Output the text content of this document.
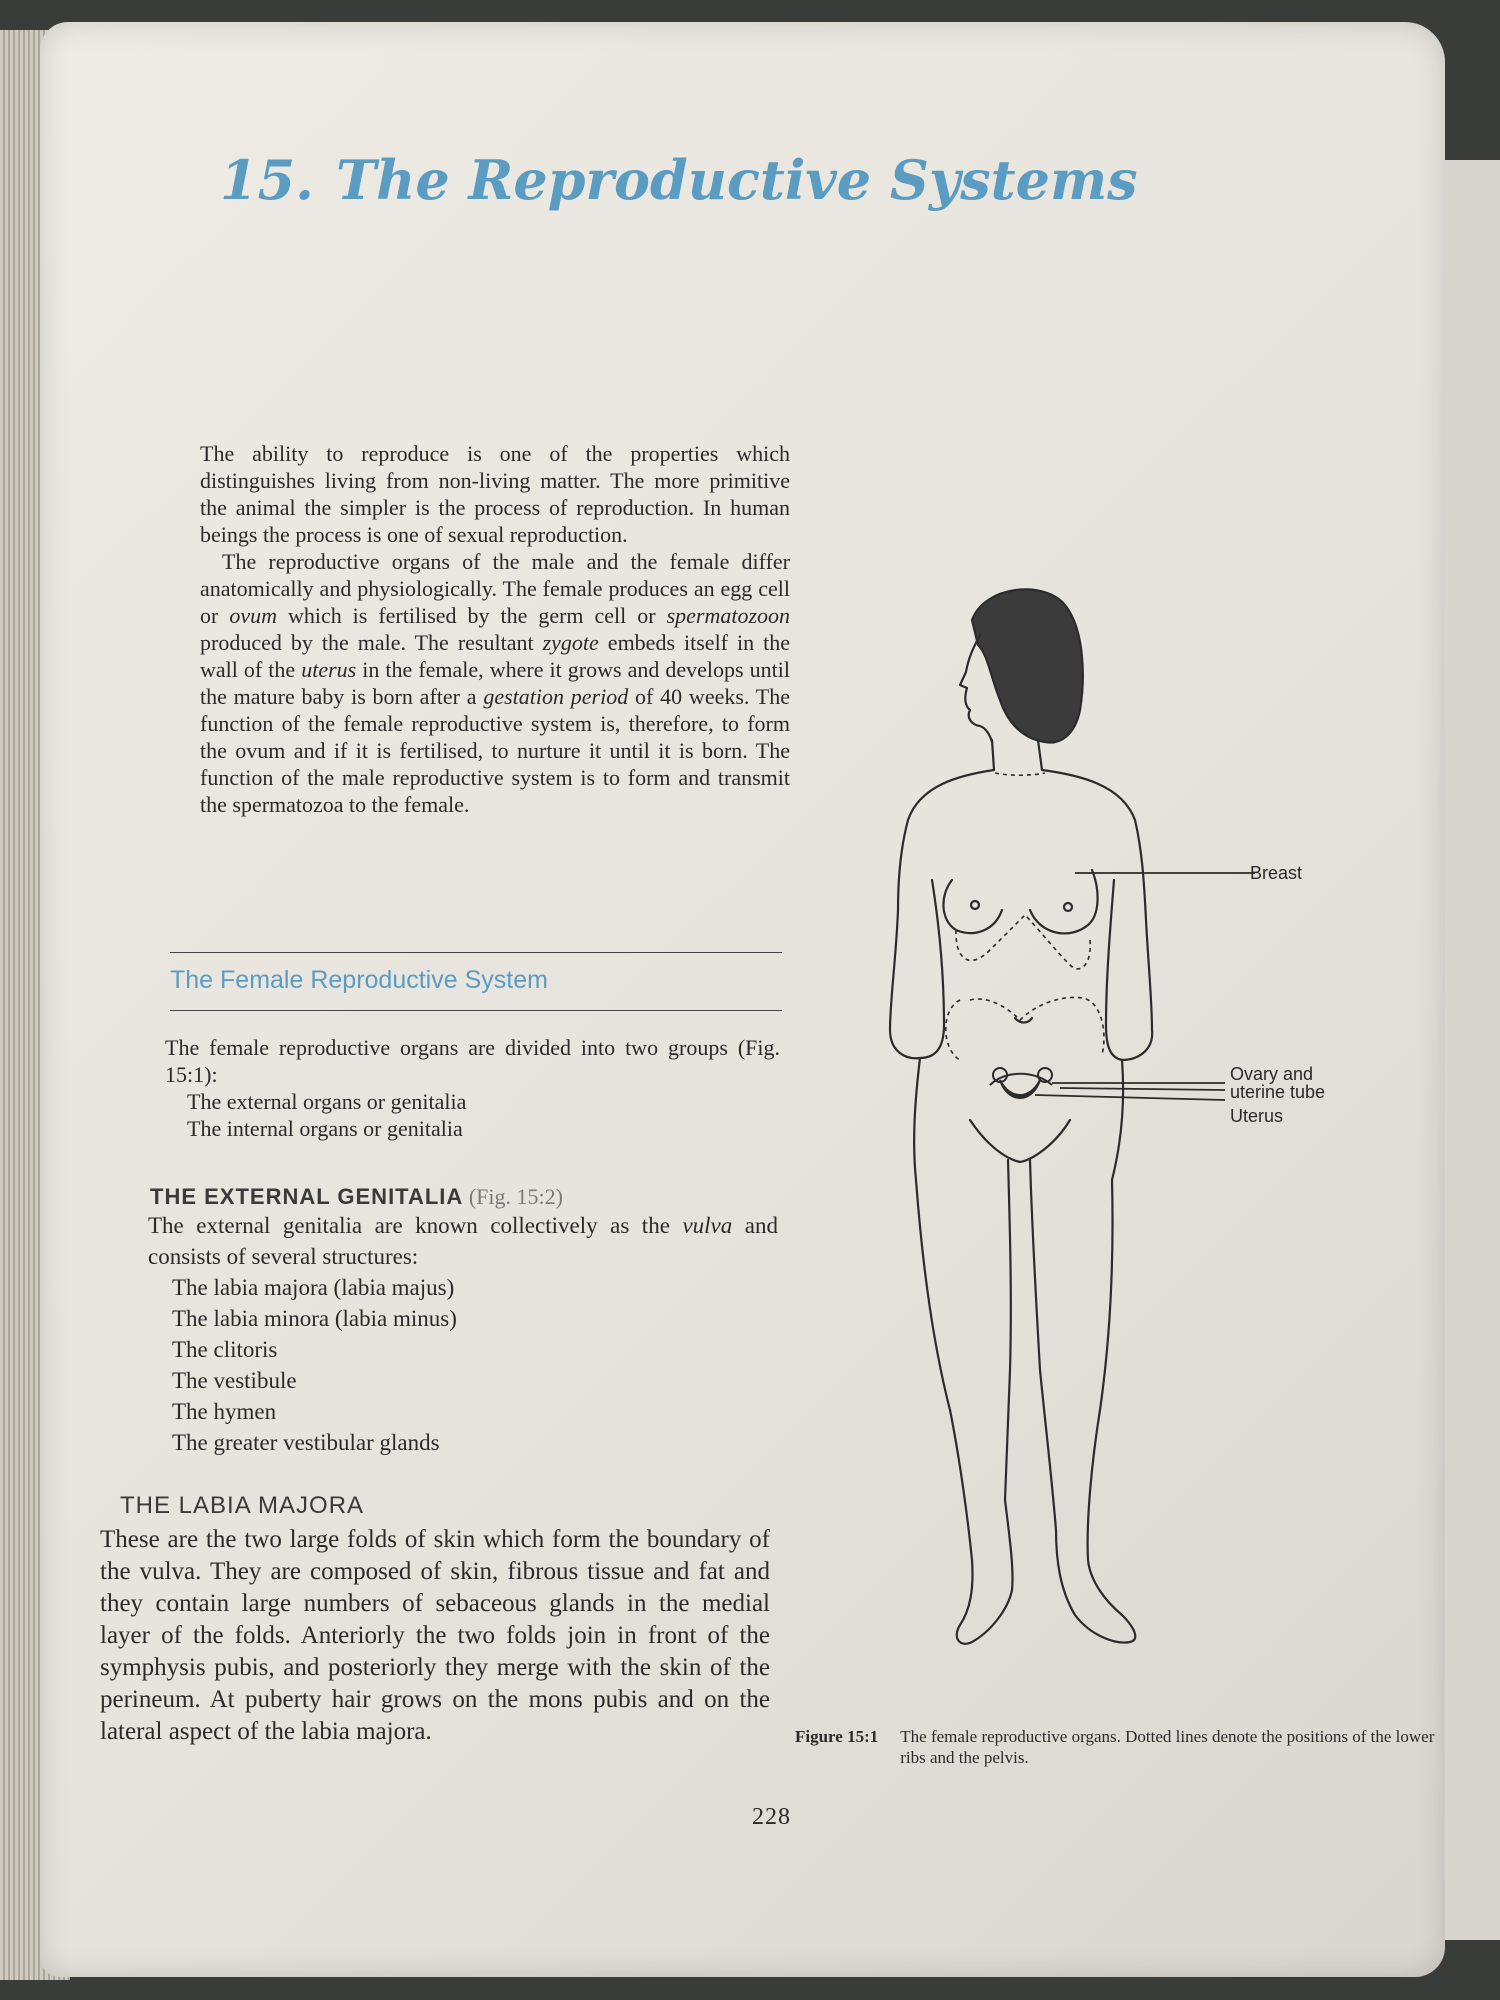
15. The Reproductive Systems

The ability to reproduce is one of the properties which distinguishes living from non-living matter. The more primitive the animal the simpler is the process of reproduction. In human beings the process is one of sexual reproduction.

The reproductive organs of the male and the female differ anatomically and physiologically. The female produces an egg cell or ovum which is fertilised by the germ cell or spermatozoon produced by the male. The resultant zygote embeds itself in the wall of the uterus in the female, where it grows and develops until the mature baby is born after a gestation period of 40 weeks. The function of the female reproductive system is, therefore, to form the ovum and if it is fertilised, to nurture it until it is born. The function of the male reproductive system is to form and transmit the spermatozoa to the female.

The Female Reproductive System

The female reproductive organs are divided into two groups (Fig. 15:1):

The external organs or genitalia
The internal organs or genitalia
THE EXTERNAL GENITALIA (Fig. 15:2)

The external genitalia are known collectively as the vulva and consists of several structures:

The labia majora (labia majus)
The labia minora (labia minus)
The clitoris
The vestibule
The hymen
The greater vestibular glands
THE LABIA MAJORA

These are the two large folds of skin which form the boundary of the vulva. They are composed of skin, fibrous tissue and fat and they contain large numbers of sebaceous glands in the medial layer of the folds. Anteriorly the two folds join in front of the symphysis pubis, and posteriorly they merge with the skin of the perineum. At puberty hair grows on the mons pubis and on the lateral aspect of the labia majora.

Breast
Ovary and
uterine tube
Uterus
Figure 15:1 The female reproductive organs. Dotted lines denote the positions of the lower ribs and the pelvis.
228
